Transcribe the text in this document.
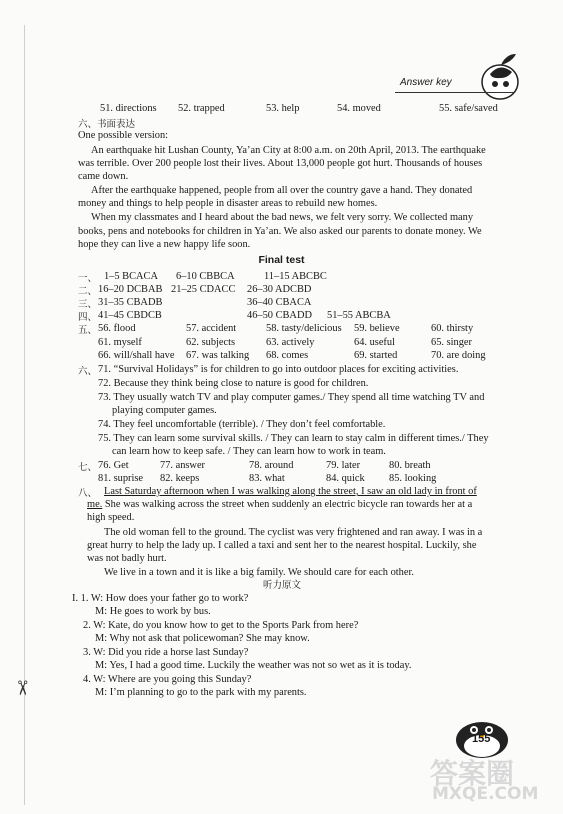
Answer key
51. directions 52. trapped	53. help	54. moved	55. safe/saved
六、书面表达
One possible version:
An earthquake hit Lushan County, Ya’an City at 8:00 a.m. on 20th April, 2013. The earthquake
was terrible. Over 200 people lost their lives. About 13,000 people got hurt. Thousands of houses
came down.
After the earthquake happened, people from all over the country gave a hand. They donated
money and things to help people in disaster areas to rebuild new homes.
When my classmates and I heard about the bad news, we felt very sorry. We collected many
books, pens and notebooks for children in Ya’an. We also asked our parents to donate money. We
hope they can live a new happy life soon.
Final test
一、 1–5 BCACA 6–10 CBBCA	11–15 ABCBC
二、 16–20 DCBAB 21–25 CDACC 26–30 ADCBD
三、 31–35 CBADB	36–40 CBACA
四、 41–45 CBDCB	46–50 CBADD 51–55 ABCBA
五、 56. flood	57. accident	58. tasty/delicious 59. believe	60. thirsty
61. myself	62. subjects	63. actively	64. useful	65. singer
66. will/shall have 67. was talking 68. comes	69. started	70. are doing
六、 71. “Survival Holidays” is for children to go into outdoor places for exciting activities.
72. Because they think being close to nature is good for children.
73. They usually watch TV and play computer games./ They spend all time watching TV and
playing computer games.
74. They feel uncomfortable (terrible). / They don’t feel comfortable.
75. They can learn some survival skills. / They can learn to stay calm in different times./ They
can learn how to keep safe. / They can learn how to work in team.
七、 76. Get	77. answer	78. around	79. later	80. breath
81. suprise 82. keeps	83. what	84. quick 85. looking
八、 Last Saturday afternoon when I was walking along the street, I saw an old lady in front of
me. She was walking across the street when suddenly an electric bicycle ran towards her at a
high speed.
The old woman fell to the ground. The cyclist was very frightened and ran away. I was in a
great hurry to help the lady up. I called a taxi and sent her to the nearest hospital. Luckily, she
was not badly hurt.
We live in a town and it is like a big family. We should care for each other.
听力原文
I. 1. W: How does your father go to work?
M: He goes to work by bus.
2. W: Kate, do you know how to get to the Sports Park from here?
M: Why not ask that policewoman? She may know.
3. W: Did you ride a horse last Sunday?
M: Yes, I had a good time. Luckily the weather was not so wet as it is today.
4. W: Where are you going this Sunday?
M: I’m planning to go to the park with my parents.
✂
155
答案圈
MXQE.COM
